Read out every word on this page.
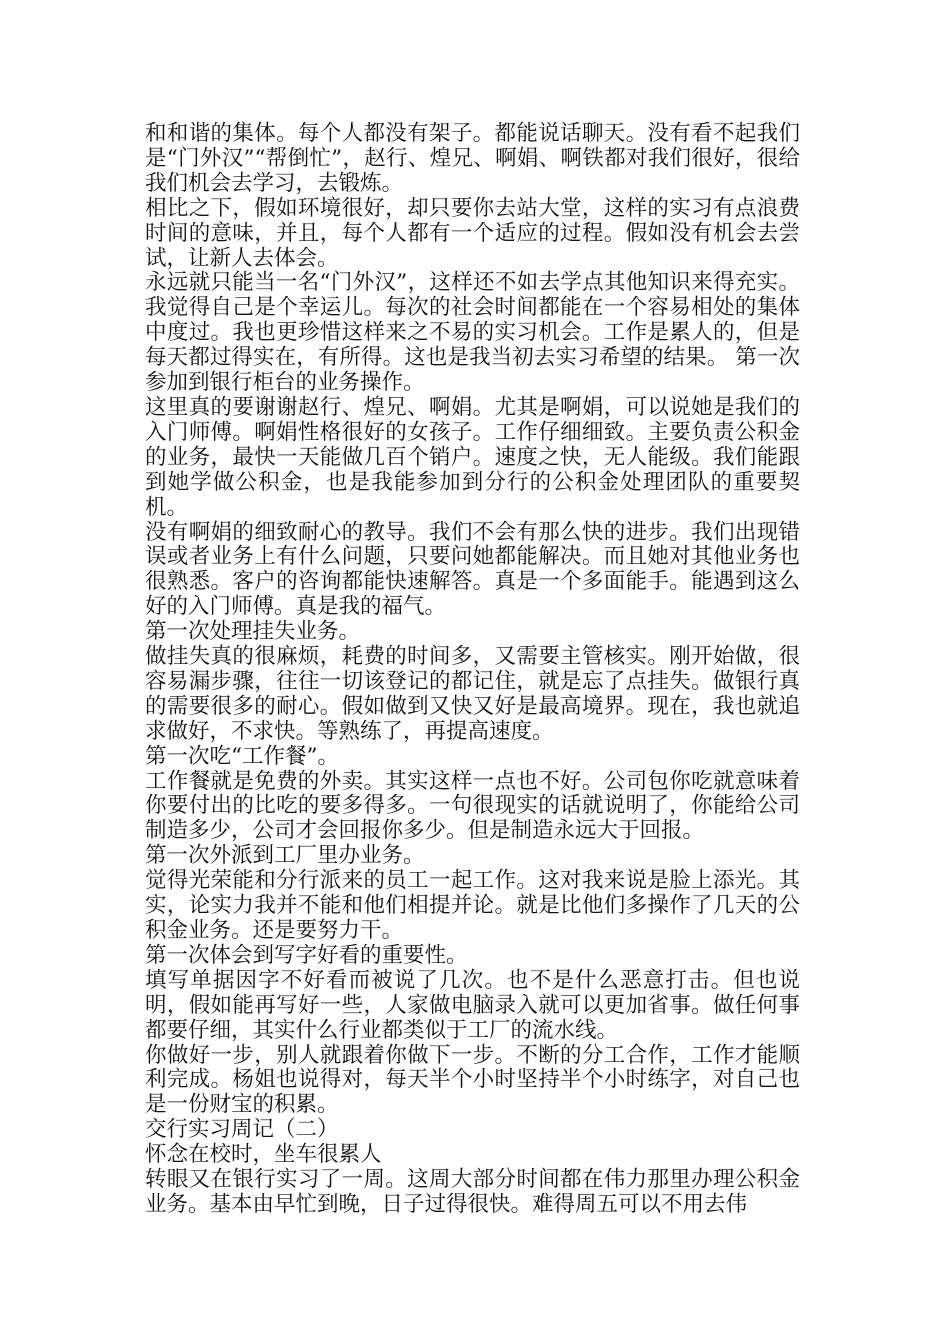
和和谐的集体。每个人都没有架子。都能说话聊天。没有看不起我们是“门外汉”“帮倒忙”，赵行、煌兄、啊娟、啊铁都对我们很好，很给我们机会去学习，去锻炼。

相比之下，假如环境很好，却只要你去站大堂，这样的实习有点浪费时间的意味，并且，每个人都有一个适应的过程。假如没有机会去尝试，让新人去体会。

永远就只能当一名“门外汉”，这样还不如去学点其他知识来得充实。我觉得自己是个幸运儿。每次的社会时间都能在一个容易相处的集体中度过。我也更珍惜这样来之不易的实习机会。工作是累人的，但是每天都过得实在，有所得。这也是我当初去实习希望的结果。 第一次参加到银行柜台的业务操作。

这里真的要谢谢赵行、煌兄、啊娟。尤其是啊娟，可以说她是我们的入门师傅。啊娟性格很好的女孩子。工作仔细细致。主要负责公积金的业务，最快一天能做几百个销户。速度之快，无人能级。我们能跟到她学做公积金，也是我能参加到分行的公积金处理团队的重要契机。

没有啊娟的细致耐心的教导。我们不会有那么快的进步。我们出现错误或者业务上有什么问题，只要问她都能解决。而且她对其他业务也很熟悉。客户的咨询都能快速解答。真是一个多面能手。能遇到这么好的入门师傅。真是我的福气。

第一次处理挂失业务。

做挂失真的很麻烦，耗费的时间多，又需要主管核实。刚开始做，很容易漏步骤，往往一切该登记的都记住，就是忘了点挂失。做银行真的需要很多的耐心。假如做到又快又好是最高境界。现在，我也就追求做好，不求快。等熟练了，再提高速度。

第一次吃“工作餐”。

工作餐就是免费的外卖。其实这样一点也不好。公司包你吃就意味着你要付出的比吃的要多得多。一句很现实的话就说明了，你能给公司制造多少，公司才会回报你多少。但是制造永远大于回报。

第一次外派到工厂里办业务。

觉得光荣能和分行派来的员工一起工作。这对我来说是脸上添光。其实，论实力我并不能和他们相提并论。就是比他们多操作了几天的公积金业务。还是要努力干。

第一次体会到写字好看的重要性。

填写单据因字不好看而被说了几次。也不是什么恶意打击。但也说明，假如能再写好一些，人家做电脑录入就可以更加省事。做任何事都要仔细，其实什么行业都类似于工厂的流水线。

你做好一步，别人就跟着你做下一步。不断的分工合作，工作才能顺利完成。杨姐也说得对，每天半个小时坚持半个小时练字，对自己也是一份财宝的积累。

交行实习周记（二）

怀念在校时，坐车很累人

转眼又在银行实习了一周。这周大部分时间都在伟力那里办理公积金业务。基本由早忙到晚，日子过得很快。难得周五可以不用去伟
